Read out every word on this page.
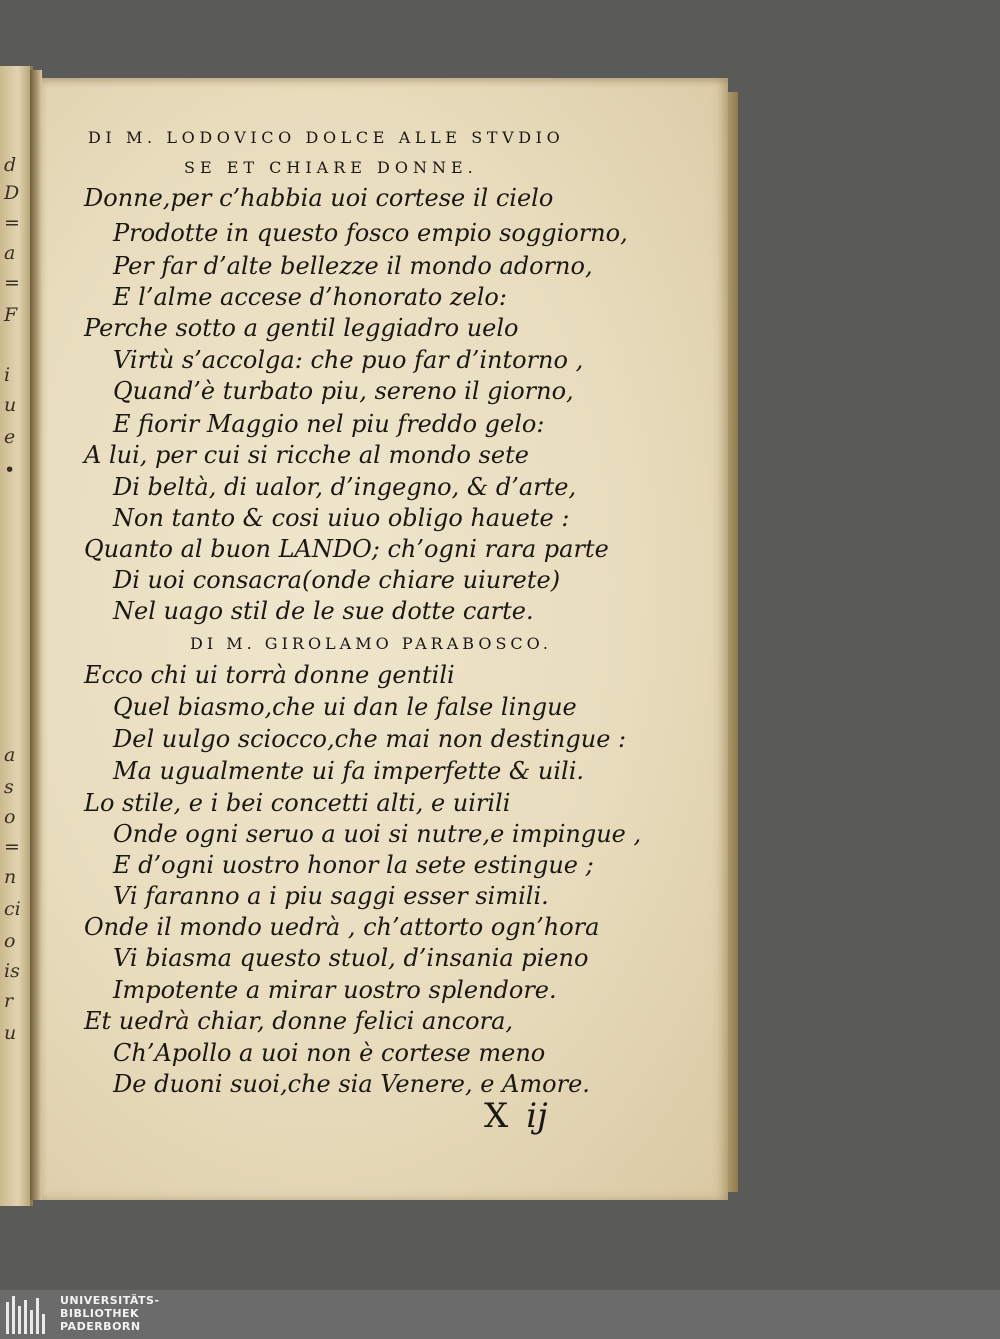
d
D
=
a
=
F
i
u
e
•
a
s
o
=
n
ci
o
is
r
u
DI M. LODOVICO DOLCE ALLE STVDIO
SE ET CHIARE DONNE.
Donne,per c’habbia uoi cortese il cielo
Prodotte in questo fosco empio soggiorno,
Per far d’alte bellezze il mondo adorno,
E l’alme accese d’honorato zelo:
Perche sotto a gentil leggiadro uelo
Virtù s’accolga: che puo far d’intorno ,
Quand’è turbato piu, sereno il giorno,
E fiorir Maggio nel piu freddo gelo:
A lui, per cui si ricche al mondo sete
Di beltà, di ualor, d’ingegno, & d’arte,
Non tanto & cosi uiuo obligo hauete :
Quanto al buon LANDO; ch’ogni rara parte
Di uoi consacra(onde chiare uiurete)
Nel uago stil de le sue dotte carte.
DI M. GIROLAMO PARABOSCO.
Ecco chi ui torrà donne gentili
Quel biasmo,che ui dan le false lingue
Del uulgo sciocco,che mai non destingue :
Ma ugualmente ui fa imperfette & uili.
Lo stile, e i bei concetti alti, e uirili
Onde ogni seruo a uoi si nutre,e impingue ,
E d’ogni uostro honor la sete estingue ;
Vi faranno a i piu saggi esser simili.
Onde il mondo uedrà , ch’attorto ogn’hora
Vi biasma questo stuol, d’insania pieno
Impotente a mirar uostro splendore.
Et uedrà chiar, donne felici ancora,
Ch’Apollo a uoi non è cortese meno
De duoni suoi,che sia Venere, e Amore.
X ij
UNIVERSITÄTS-
BIBLIOTHEK
PADERBORN
